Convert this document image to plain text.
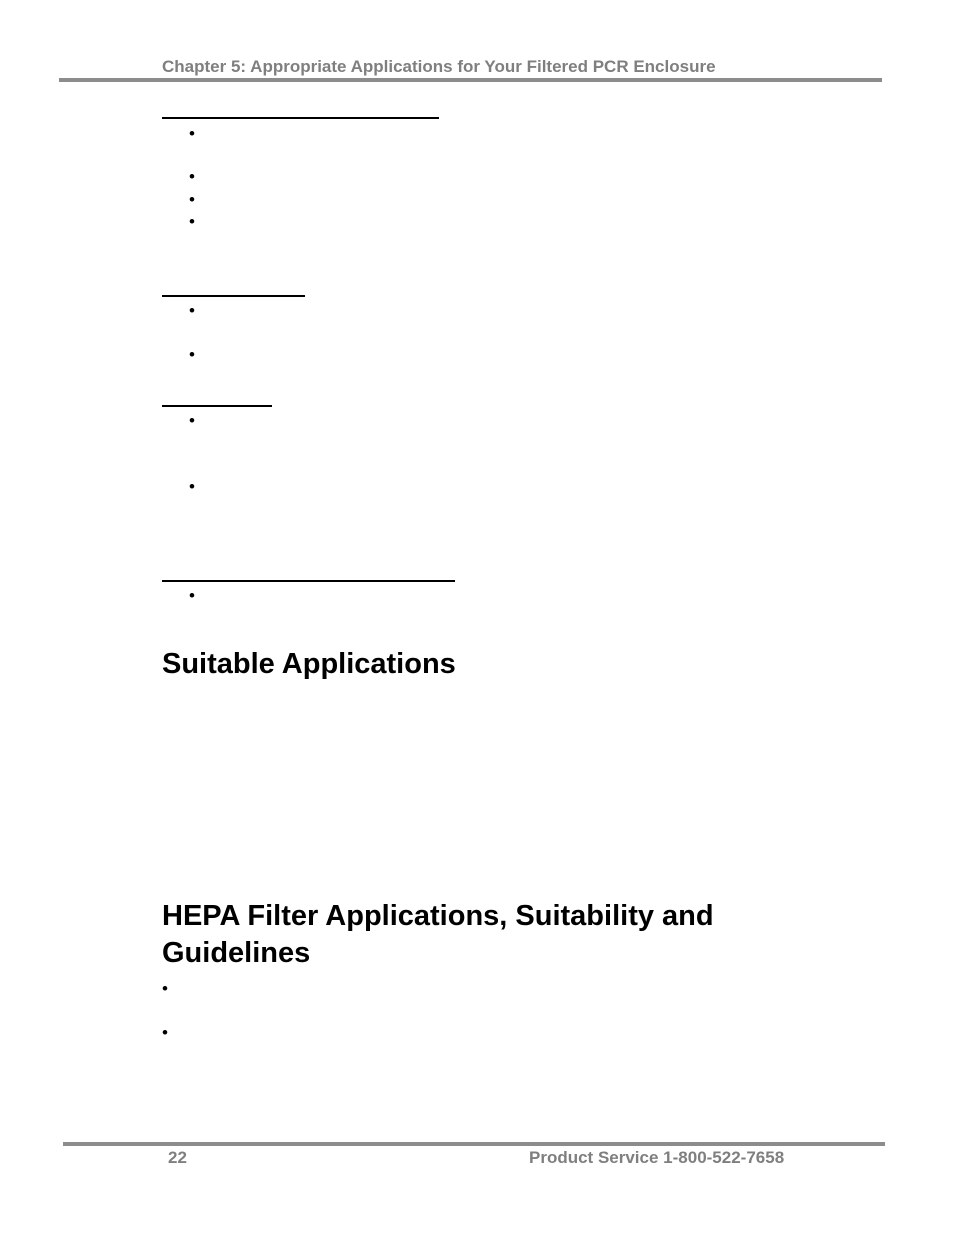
Chapter 5: Appropriate Applications for Your Filtered PCR Enclosure
•
•
•
•
•
•
•
•
•
Suitable Applications
HEPA Filter Applications, Suitability and Guidelines
•
•
22	Product Service 1-800-522-7658
